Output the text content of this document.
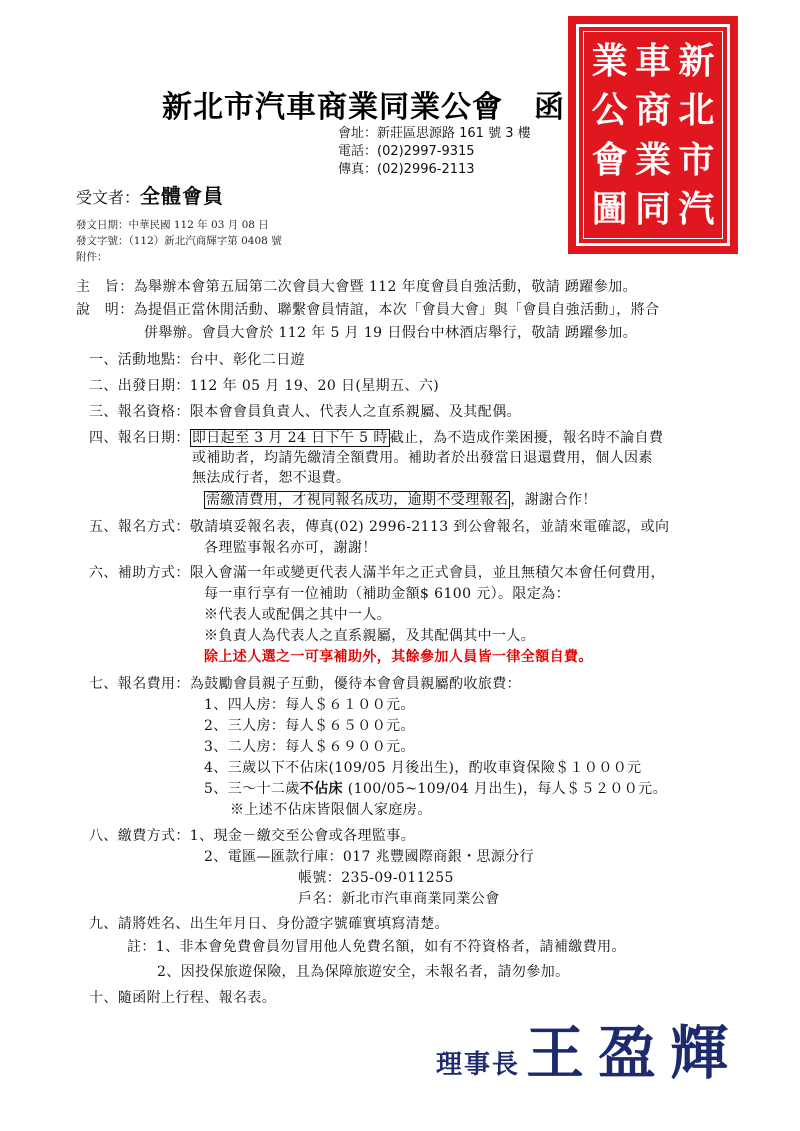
新北市汽車商業同業公會　函
會址：新莊區思源路 161 號 3 樓
電話：(02)2997-9315
傳真：(02)2996-2113
新
北
市
汽
車
商
業
同
業
公
會
圖
受文者：全體會員
發文日期：中華民國 112 年 03 月 08 日
發文字號：（112）新北汽商輝字第 0408 號
附件：
主　旨：為舉辦本會第五屆第二次會員大會暨 112 年度會員自強活動，敬請 踴躍參加。
說　明：為提倡正當休閒活動、聯繫會員情誼，本次「會員大會」與「會員自強活動」，將合
併舉辦。會員大會於 112 年 5 月 19 日假台中林酒店舉行，敬請 踴躍參加。
一、活動地點：台中、彰化二日遊
二、出發日期：112 年 05 月 19、20 日(星期五、六)
三、報名資格：限本會會員負責人、代表人之直系親屬、及其配偶。
四、報名日期： 即日起至 3 月 24 日下午 5 時 截止，為不造成作業困擾，報名時不論自費
或補助者，均請先繳清全額費用。補助者於出發當日退還費用，個人因素
無法成行者，恕不退費。
需繳清費用，才視同報名成功，逾期不受理報名 ，謝謝合作！
五、報名方式：敬請填妥報名表，傳真(02) 2996-2113 到公會報名，並請來電確認，或向
各理監事報名亦可，謝謝！
六、補助方式：限入會滿一年或變更代表人滿半年之正式會員，並且無積欠本會任何費用，
每一車行享有一位補助（補助金額$ 6100 元）。限定為：
※代表人或配偶之其中一人。
※負責人為代表人之直系親屬，及其配偶其中一人。
除上述人選之一可享補助外，其餘參加人員皆一律全額自費。
七、報名費用：為鼓勵會員親子互動，優待本會會員親屬酌收旅費：
1、四人房：每人＄６１００元。
2、三人房：每人＄６５００元。
3、二人房：每人＄６９００元。
4、三歲以下不佔床(109/05 月後出生)，酌收車資保險＄１０００元
5、三～十二歲不佔床 (100/05~109/04 月出生)，每人＄５２００元。
※上述不佔床皆限個人家庭房。
八、繳費方式：1、現金－繳交至公會或各理監事。
2、電匯—匯款行庫：017 兆豐國際商銀・思源分行
帳號：235-09-011255
戶名：新北市汽車商業同業公會
九、請將姓名、出生年月日、身份證字號確實填寫清楚。
註：1、非本會免費會員勿冒用他人免費名額，如有不符資格者，請補繳費用。
2、因投保旅遊保險，且為保障旅遊安全，未報名者，請勿參加。
十、隨函附上行程、報名表。
理事長 王盈輝
